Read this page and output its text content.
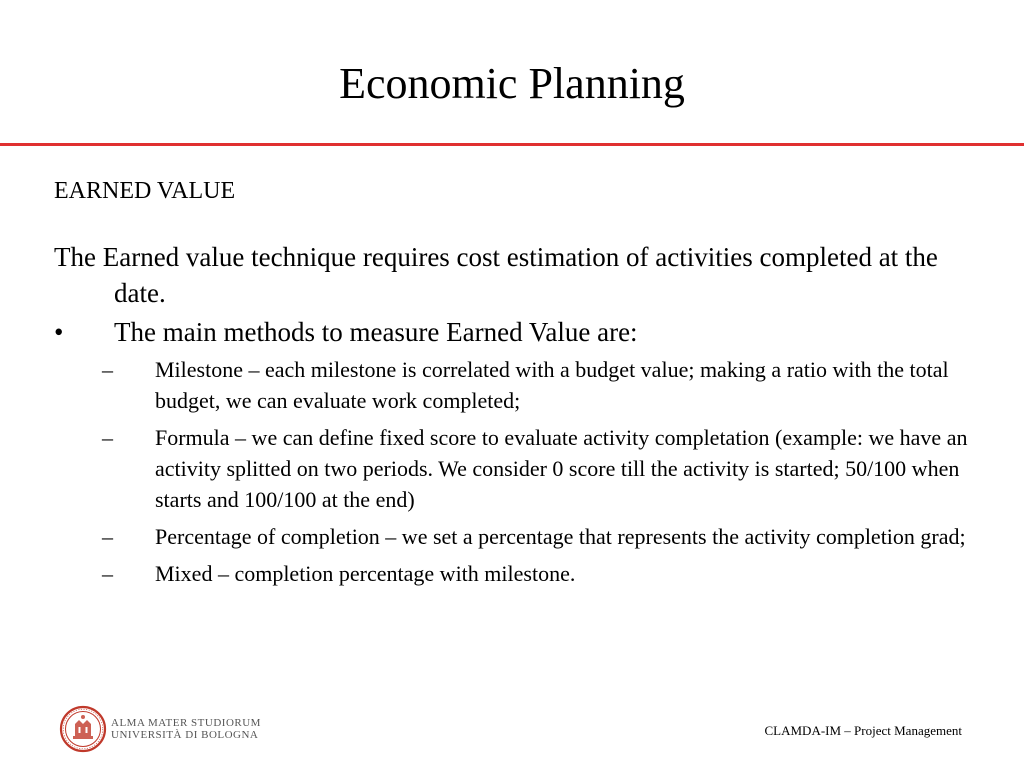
Economic Planning
EARNED VALUE

The Earned value technique requires cost estimation of activities completed at the date.

• The main methods to measure Earned Value are:
– Milestone – each milestone is correlated with a budget value; making a ratio with the total budget, we can evaluate work completed;
– Formula – we can define fixed score to evaluate activity completation (example: we have an activity splitted on two periods. We consider 0 score till the activity is started; 50/100 when starts and 100/100 at the end)
– Percentage of completion – we set a percentage that represents the activity completion grad;
– Mixed – completion percentage with milestone.
ALMA MATER STUDIORUM
UNIVERSITÀ DI BOLOGNA	CLAMDA-IM – Project Management
